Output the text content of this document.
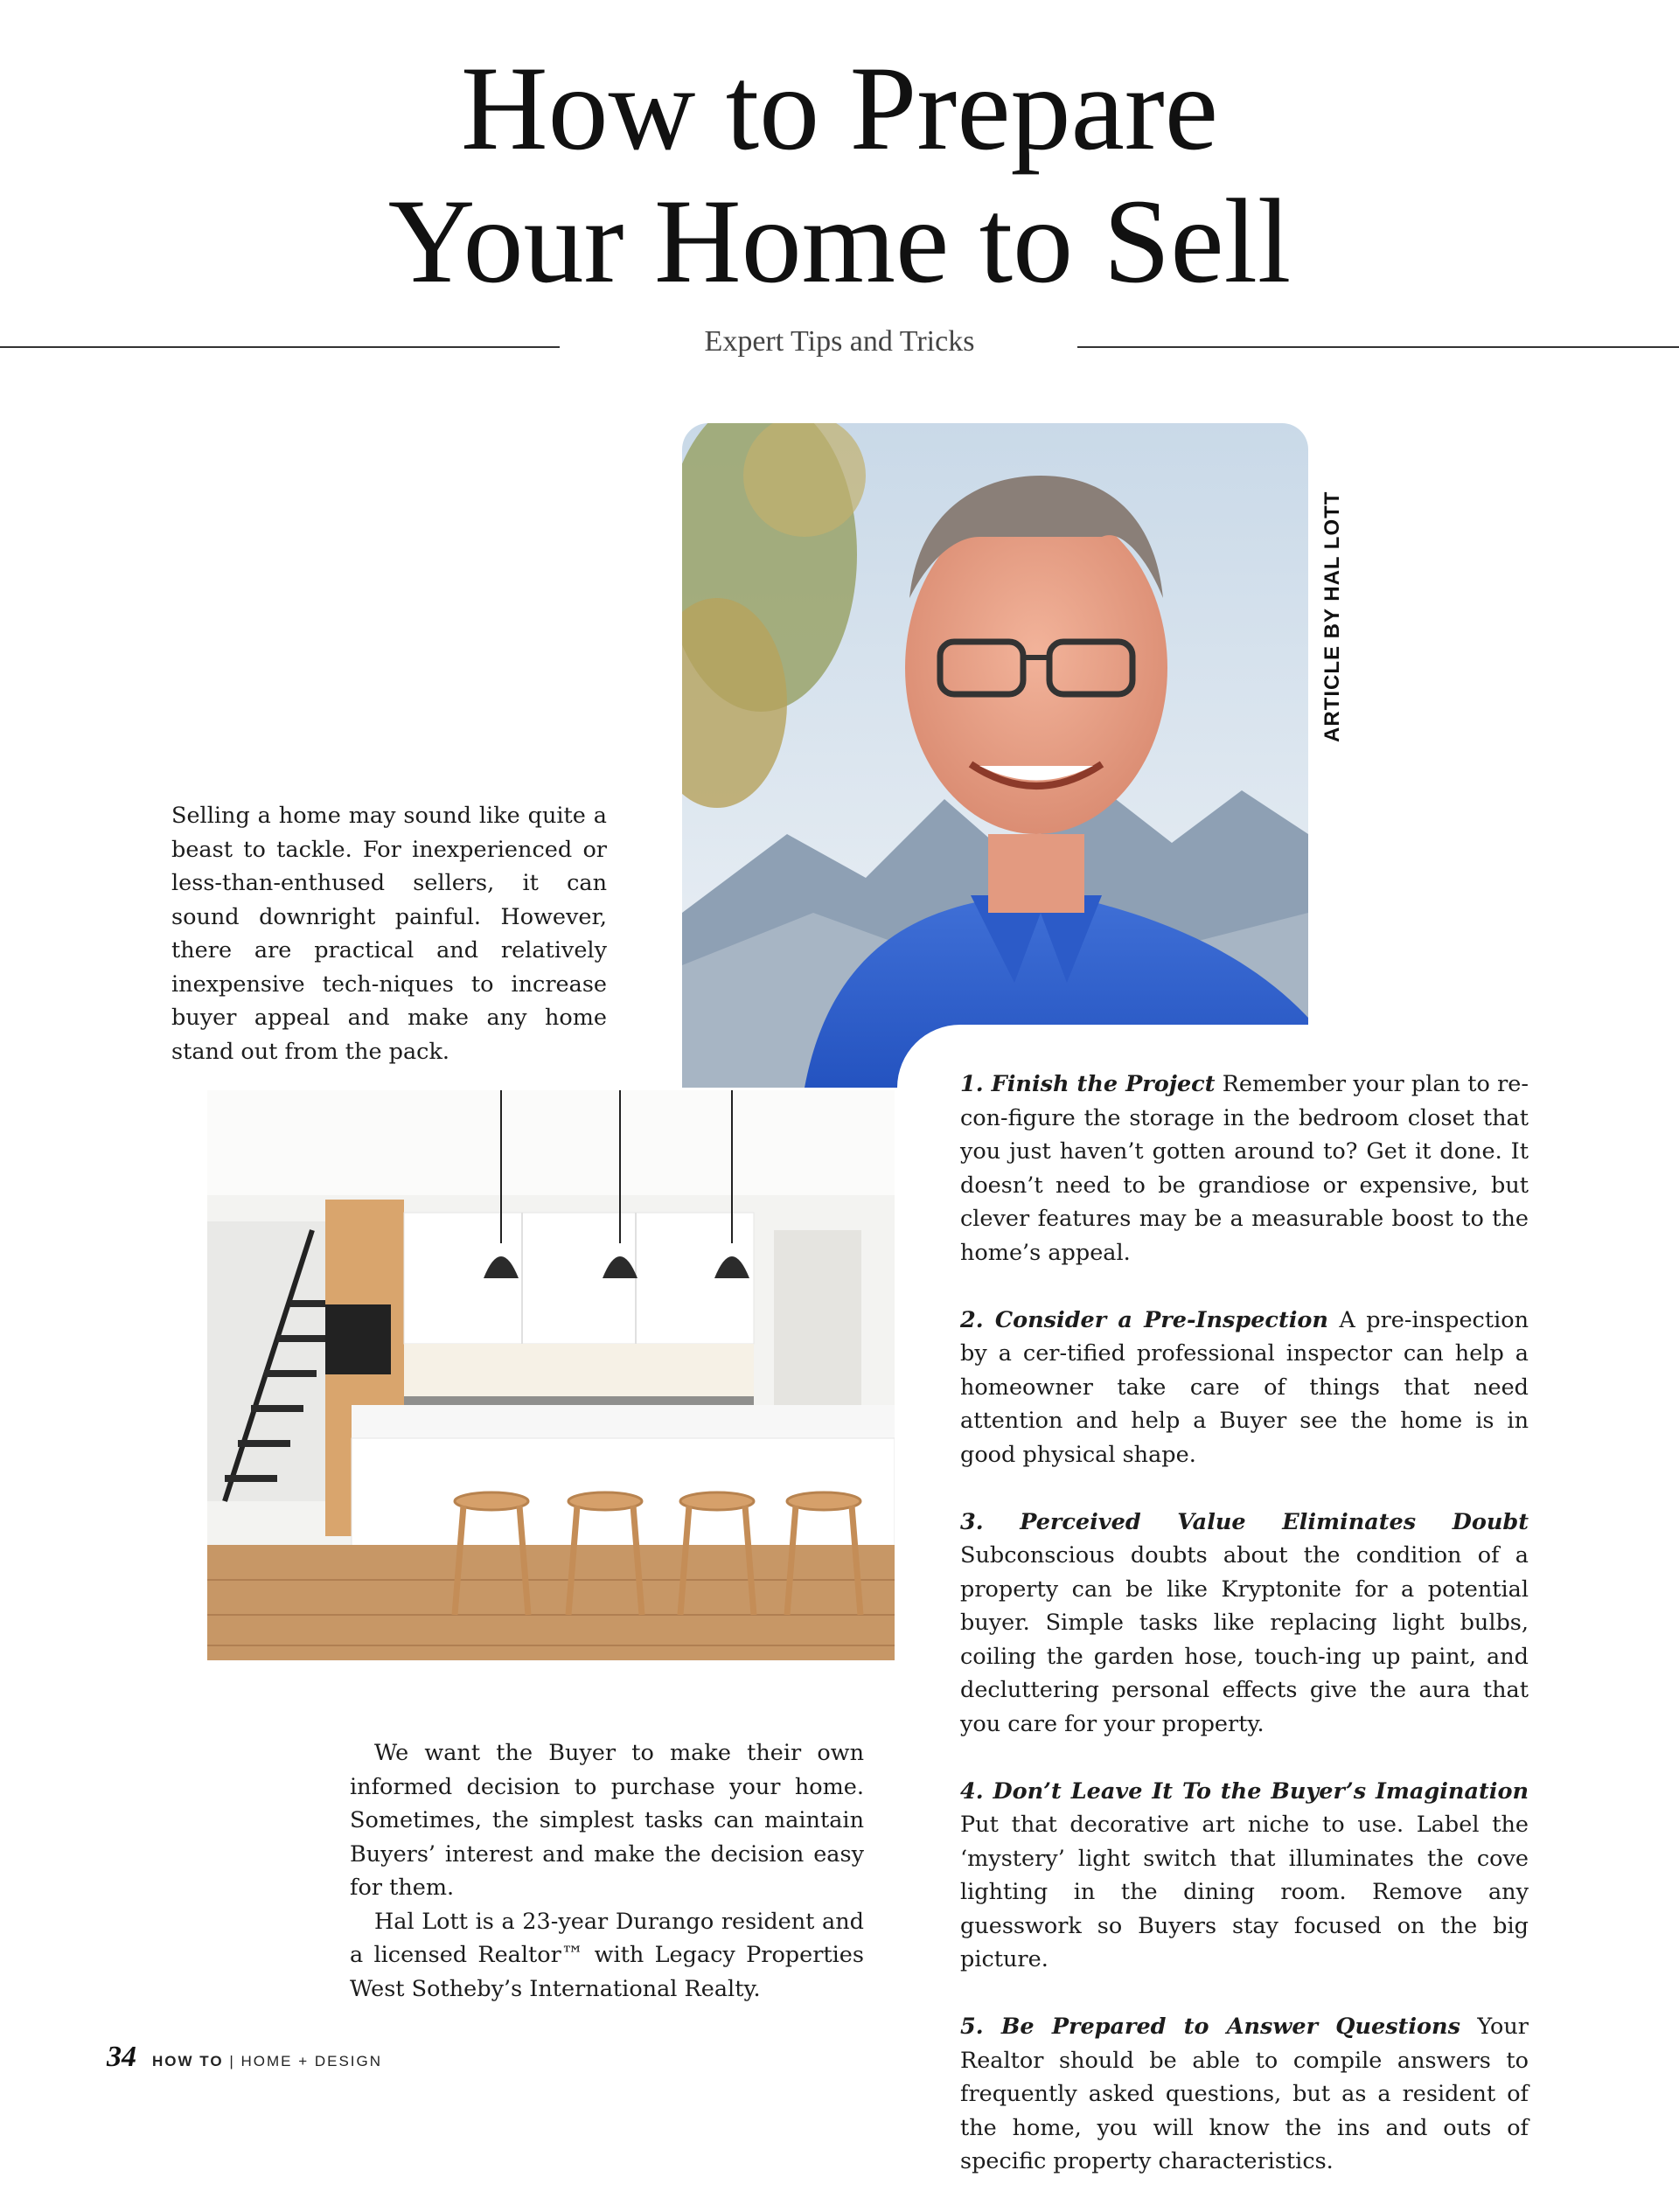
How to Prepare
Your Home to Sell
Expert Tips and Tricks
ARTICLE BY HAL LOTT

Selling a home may sound like quite a beast to tackle. For inexperienced or less-than-enthused sellers, it can sound downright painful. However, there are practical and relatively inexpensive tech-niques to increase buyer appeal and make any home stand out from the pack.

1. Finish the Project Remember your plan to re-con-figure the storage in the bedroom closet that you just haven’t gotten around to? Get it done. It doesn’t need to be grandiose or expensive, but clever features may be a measurable boost to the home’s appeal.

2. Consider a Pre-Inspection A pre-inspection by a cer-tified professional inspector can help a homeowner take care of things that need attention and help a Buyer see the home is in good physical shape.

3. Perceived Value Eliminates Doubt Subconscious doubts about the condition of a property can be like Kryptonite for a potential buyer. Simple tasks like replacing light bulbs, coiling the garden hose, touch-ing up paint, and decluttering personal effects give the aura that you care for your property.

4. Don’t Leave It To the Buyer’s Imagination Put that decorative art niche to use. Label the ‘mystery’ light switch that illuminates the cove lighting in the dining room. Remove any guesswork so Buyers stay focused on the big picture.

5. Be Prepared to Answer Questions Your Realtor should be able to compile answers to frequently asked questions, but as a resident of the home, you will know the ins and outs of specific property characteristics.

We want the Buyer to make their own informed decision to purchase your home. Sometimes, the simplest tasks can maintain Buyers’ interest and make the decision easy for them.

Hal Lott is a 23-year Durango resident and a licensed Realtor™ with Legacy Properties West Sotheby’s International Realty.

34 HOW TO | HOME + DESIGN
